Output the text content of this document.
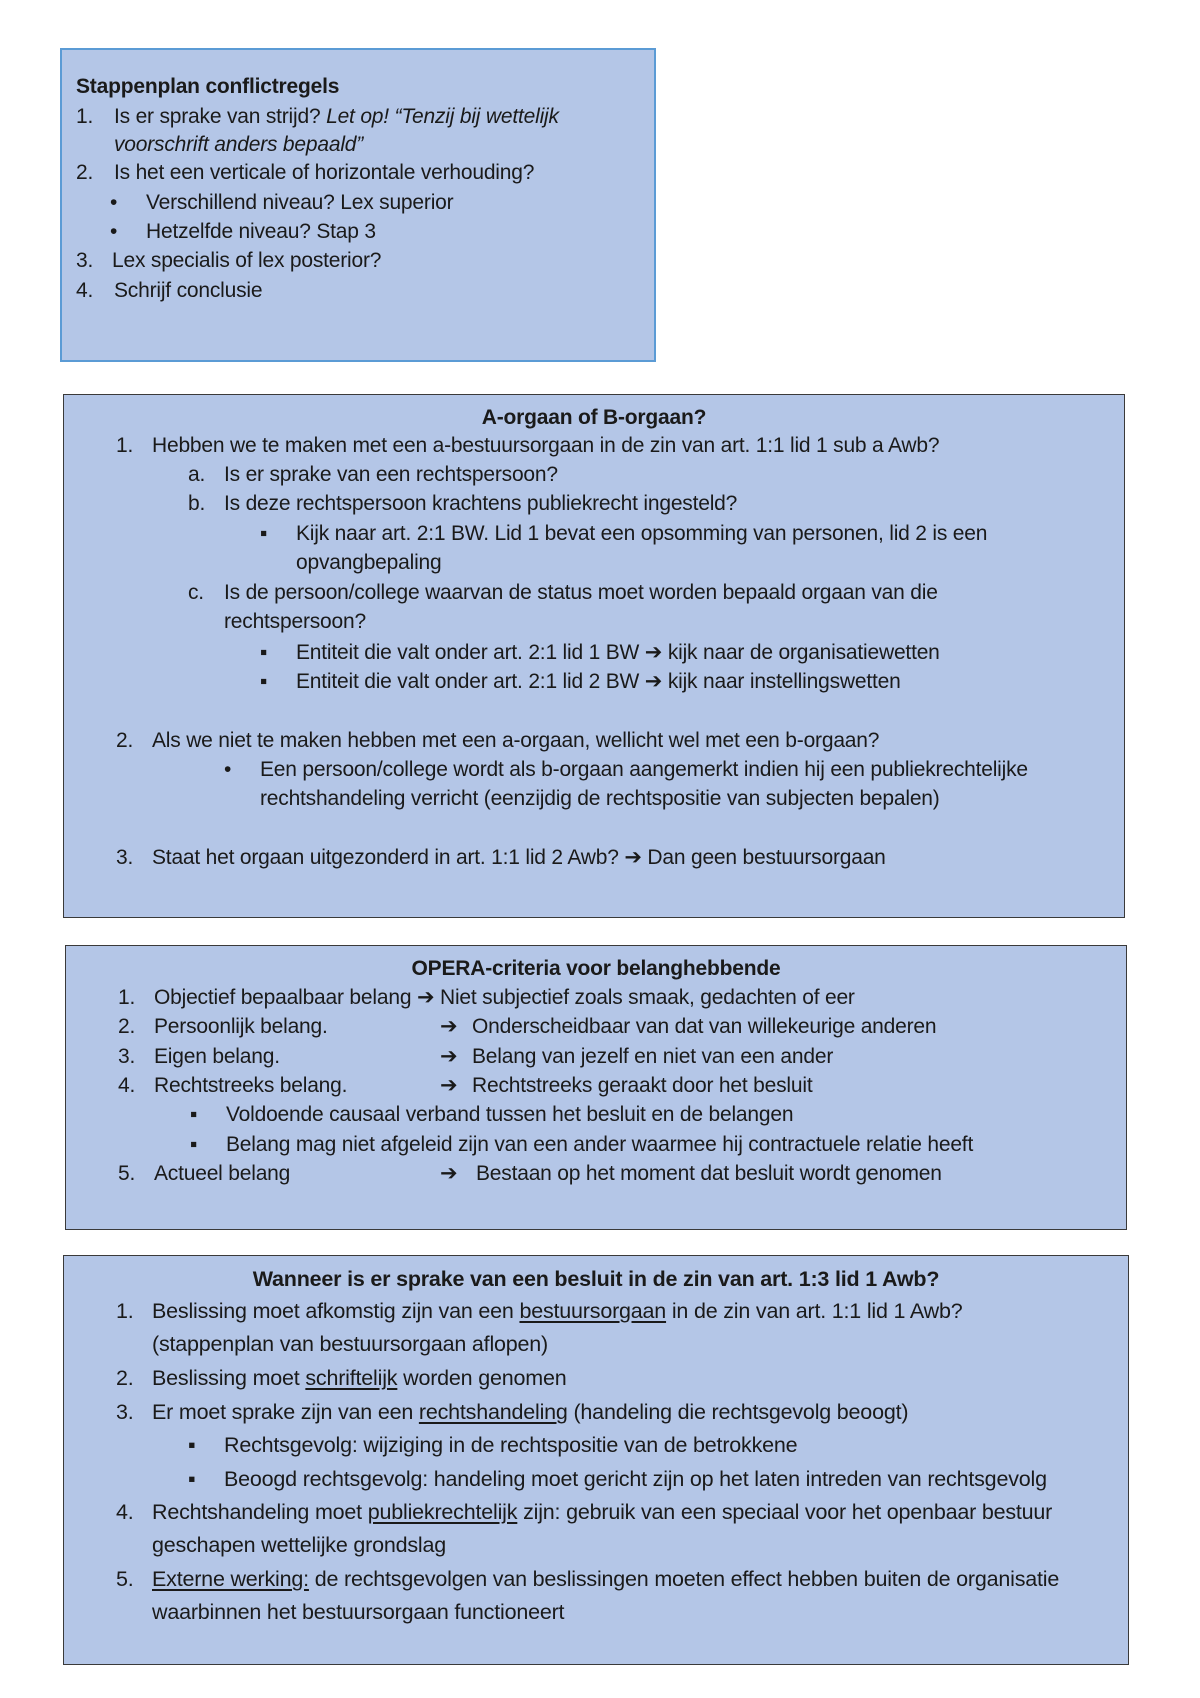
Stappenplan conflictregels
1. Is er sprake van strijd? Let op! “Tenzij bij wettelijk
voorschrift anders bepaald”
2. Is het een verticale of horizontale verhouding?
• Verschillend niveau? Lex superior
• Hetzelfde niveau? Stap 3
3. Lex specialis of lex posterior?
4. Schrijf conclusie
A-orgaan of B-orgaan?
1. Hebben we te maken met een a-bestuursorgaan in de zin van art. 1:1 lid 1 sub a Awb?
a. Is er sprake van een rechtspersoon?
b. Is deze rechtspersoon krachtens publiekrecht ingesteld?
▪ Kijk naar art. 2:1 BW. Lid 1 bevat een opsomming van personen, lid 2 is een
opvangbepaling
c. Is de persoon/college waarvan de status moet worden bepaald orgaan van die
rechtspersoon?
▪ Entiteit die valt onder art. 2:1 lid 1 BW ➔ kijk naar de organisatiewetten
▪ Entiteit die valt onder art. 2:1 lid 2 BW ➔ kijk naar instellingswetten
2. Als we niet te maken hebben met een a-orgaan, wellicht wel met een b-orgaan?
• Een persoon/college wordt als b-orgaan aangemerkt indien hij een publiekrechtelijke
rechtshandeling verricht (eenzijdig de rechtspositie van subjecten bepalen)
3. Staat het orgaan uitgezonderd in art. 1:1 lid 2 Awb? ➔ Dan geen bestuursorgaan
OPERA-criteria voor belanghebbende
1. Objectief bepaalbaar belang ➔ Niet subjectief zoals smaak, gedachten of eer
2. Persoonlijk belang.	➔ Onderscheidbaar van dat van willekeurige anderen
3. Eigen belang.	➔ Belang van jezelf en niet van een ander
4. Rechtstreeks belang.	➔ Rechtstreeks geraakt door het besluit
▪ Voldoende causaal verband tussen het besluit en de belangen
▪ Belang mag niet afgeleid zijn van een ander waarmee hij contractuele relatie heeft
5. Actueel belang	➔ Bestaan op het moment dat besluit wordt genomen
Wanneer is er sprake van een besluit in de zin van art. 1:3 lid 1 Awb?
1. Beslissing moet afkomstig zijn van een bestuursorgaan in de zin van art. 1:1 lid 1 Awb?
(stappenplan van bestuursorgaan aflopen)
2. Beslissing moet schriftelijk worden genomen
3. Er moet sprake zijn van een rechtshandeling (handeling die rechtsgevolg beoogt)
▪ Rechtsgevolg: wijziging in de rechtspositie van de betrokkene
▪ Beoogd rechtsgevolg: handeling moet gericht zijn op het laten intreden van rechtsgevolg
4. Rechtshandeling moet publiekrechtelijk zijn: gebruik van een speciaal voor het openbaar bestuur
geschapen wettelijke grondslag
5. Externe werking: de rechtsgevolgen van beslissingen moeten effect hebben buiten de organisatie
waarbinnen het bestuursorgaan functioneert
